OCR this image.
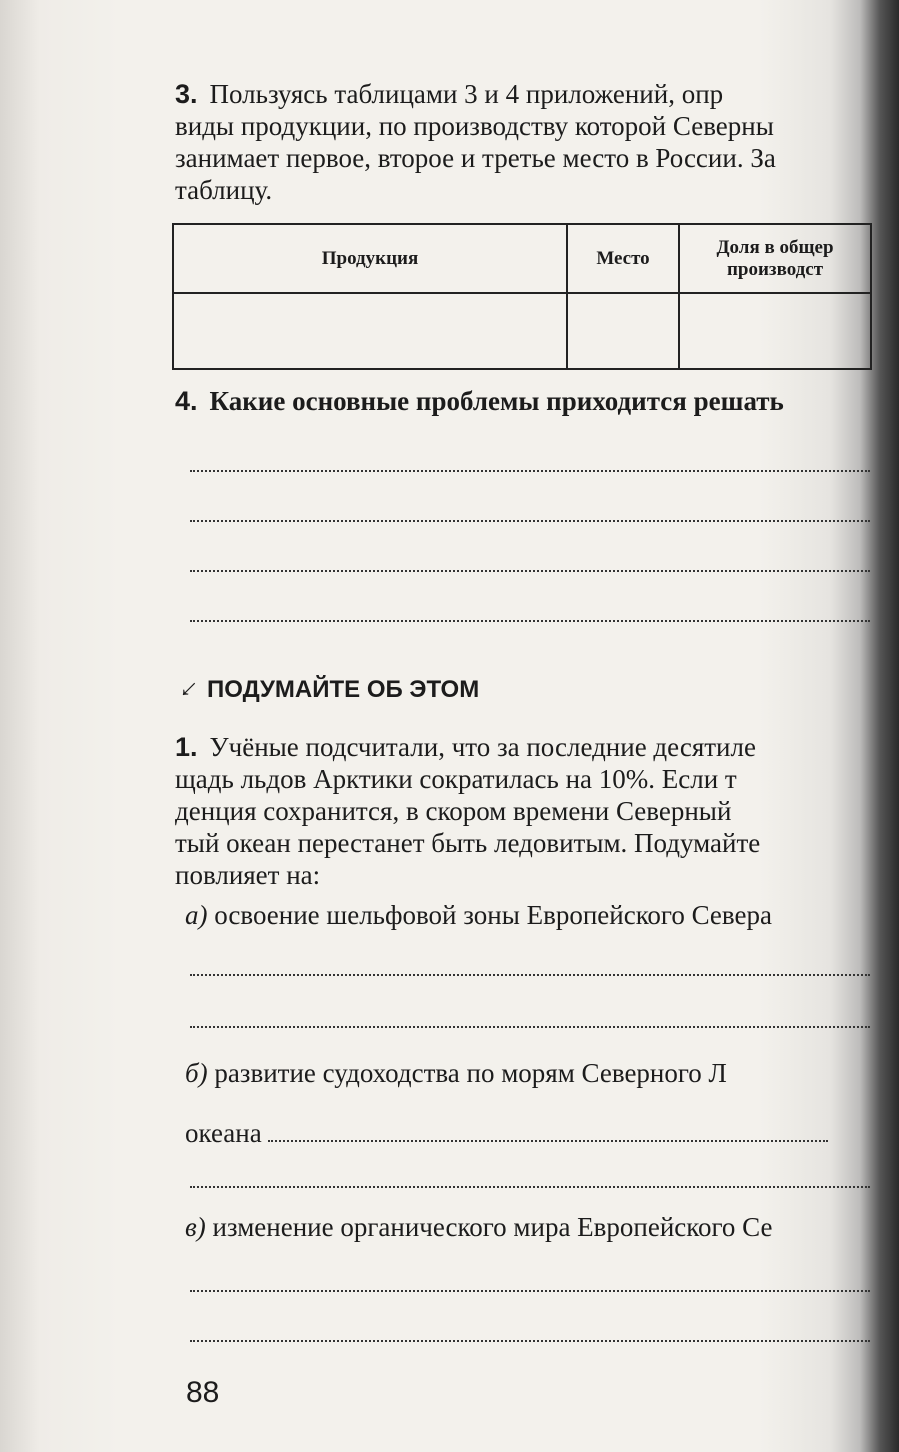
3. Пользуясь таблицами 3 и 4 приложений, опр
виды продукции, по производству которой Северны
занимает первое, второе и третье место в России. За
таблицу.
Продукция	Место	Доля в общер производст

4. Какие основные проблемы приходится решать
↓ПОДУМАЙТЕ ОБ ЭТОМ
1. Учёные подсчитали, что за последние десятиле
щадь льдов Арктики сократилась на 10%. Если т
денция сохранится, в скором времени Северный
тый океан перестанет быть ледовитым. Подумайте
повлияет на:
а) освоение шельфовой зоны Европейского Севера
б) развитие судоходства по морям Северного Л
океана
в) изменение органического мира Европейского Се
88
